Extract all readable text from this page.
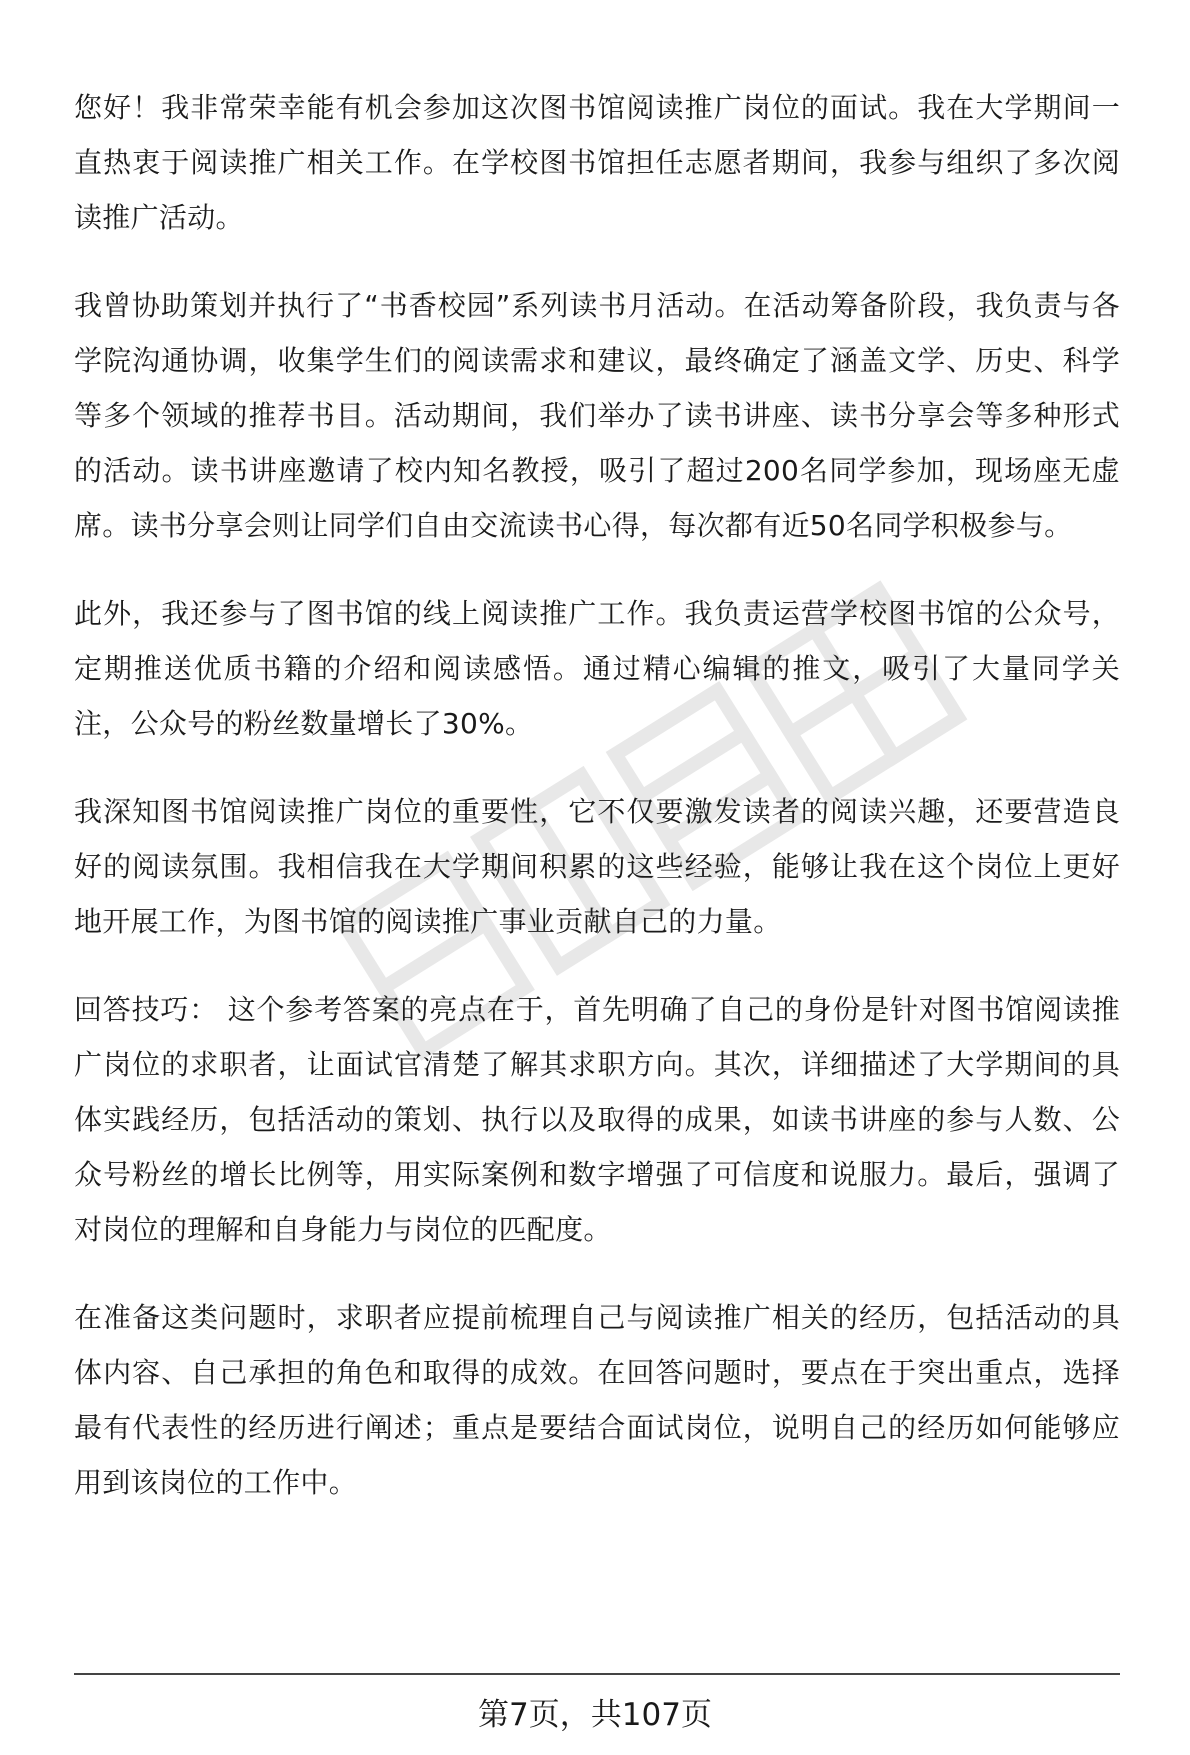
您好！我非常荣幸能有机会参加这次图书馆阅读推广岗位的面试。我在大学期间一直热衷于阅读推广相关工作。在学校图书馆担任志愿者期间，我参与组织了多次阅读推广活动。

我曾协助策划并执行了“书香校园”系列读书月活动。在活动筹备阶段，我负责与各学院沟通协调，收集学生们的阅读需求和建议，最终确定了涵盖文学、历史、科学等多个领域的推荐书目。活动期间，我们举办了读书讲座、读书分享会等多种形式的活动。读书讲座邀请了校内知名教授，吸引了超过200名同学参加，现场座无虚席。读书分享会则让同学们自由交流读书心得，每次都有近50名同学积极参与。

此外，我还参与了图书馆的线上阅读推广工作。我负责运营学校图书馆的公众号，定期推送优质书籍的介绍和阅读感悟。通过精心编辑的推文，吸引了大量同学关注，公众号的粉丝数量增长了30%。

我深知图书馆阅读推广岗位的重要性，它不仅要激发读者的阅读兴趣，还要营造良好的阅读氛围。我相信我在大学期间积累的这些经验，能够让我在这个岗位上更好地开展工作，为图书馆的阅读推广事业贡献自己的力量。

回答技巧： 这个参考答案的亮点在于，首先明确了自己的身份是针对图书馆阅读推广岗位的求职者，让面试官清楚了解其求职方向。其次，详细描述了大学期间的具体实践经历，包括活动的策划、执行以及取得的成果，如读书讲座的参与人数、公众号粉丝的增长比例等，用实际案例和数字增强了可信度和说服力。最后，强调了对岗位的理解和自身能力与岗位的匹配度。

在准备这类问题时，求职者应提前梳理自己与阅读推广相关的经历，包括活动的具体内容、自己承担的角色和取得的成效。在回答问题时，要点在于突出重点，选择最有代表性的经历进行阐述；重点是要结合面试岗位，说明自己的经历如何能够应用到该岗位的工作中。

第7页，共107页
